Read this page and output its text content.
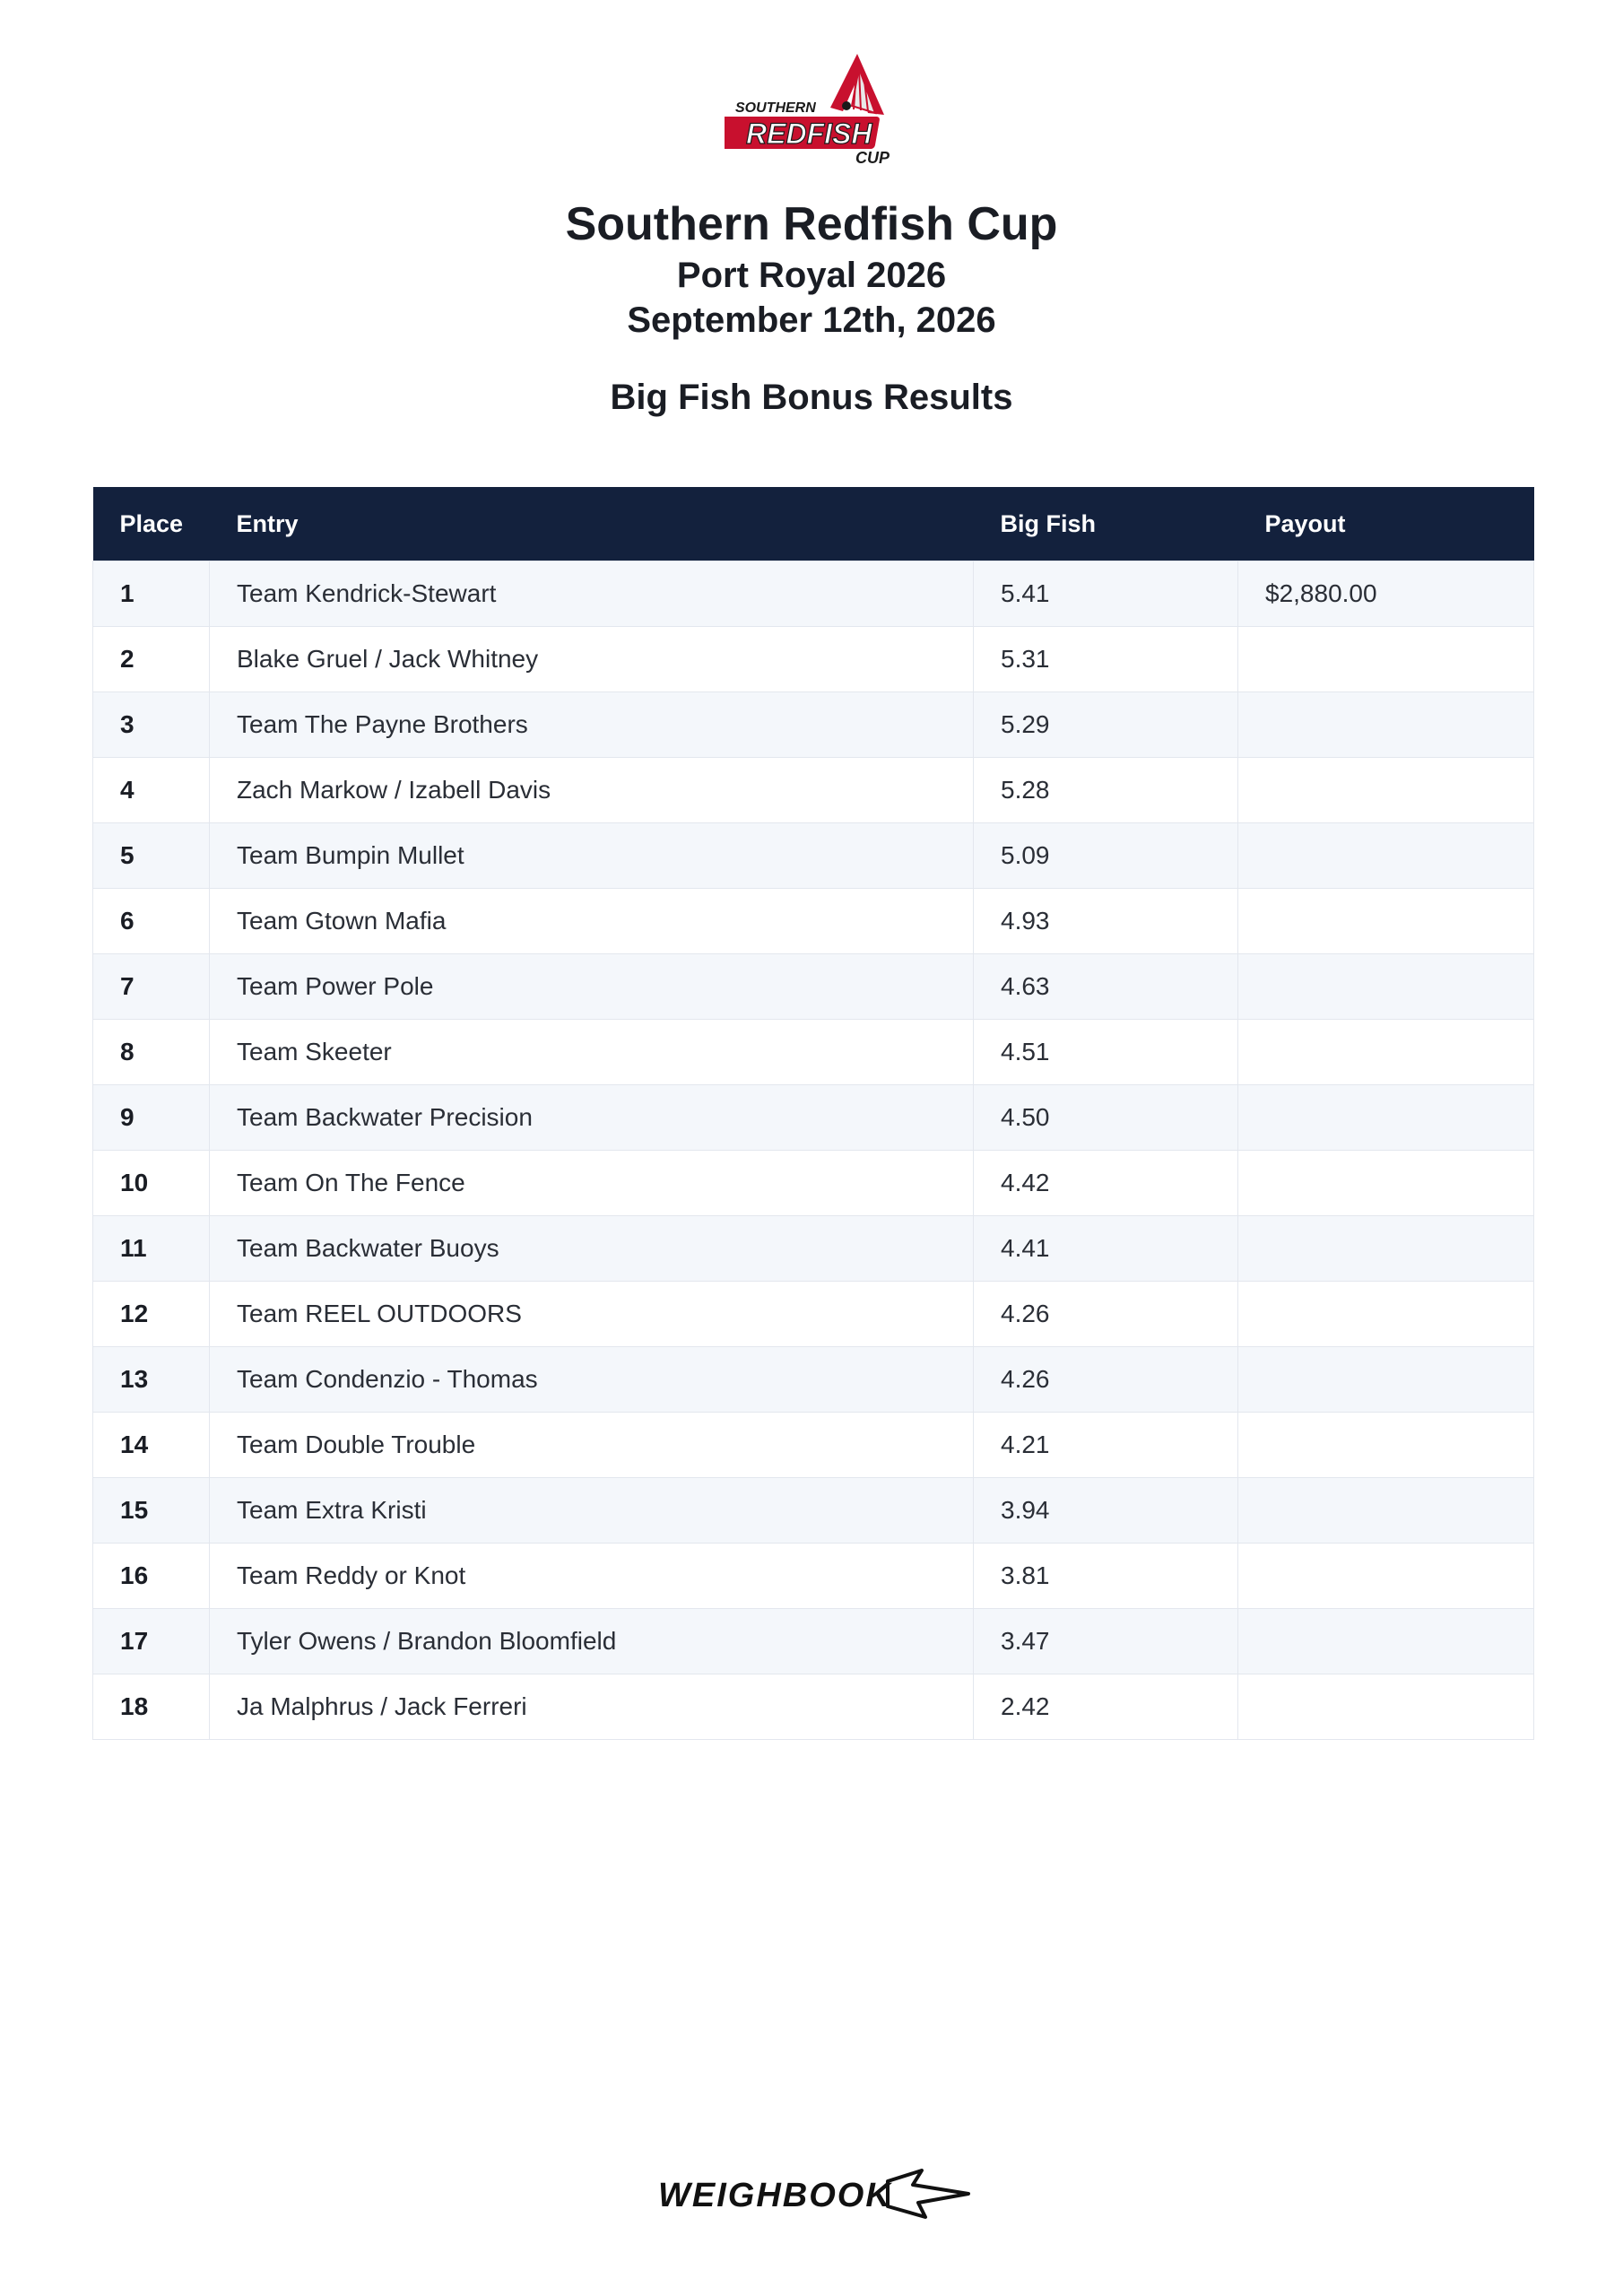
SOUTHERN
REDFISH
CUP
Southern Redfish Cup
Port Royal 2026
September 12th, 2026
Big Fish Bonus Results
Place	Entry	Big Fish	Payout
1	Team Kendrick-Stewart	5.41	$2,880.00
2	Blake Gruel / Jack Whitney	5.31	
3	Team The Payne Brothers	5.29	
4	Zach Markow / Izabell Davis	5.28	
5	Team Bumpin Mullet	5.09	
6	Team Gtown Mafia	4.93	
7	Team Power Pole	4.63	
8	Team Skeeter	4.51	
9	Team Backwater Precision	4.50	
10	Team On The Fence	4.42	
11	Team Backwater Buoys	4.41	
12	Team REEL OUTDOORS	4.26	
13	Team Condenzio - Thomas	4.26	
14	Team Double Trouble	4.21	
15	Team Extra Kristi	3.94	
16	Team Reddy or Knot	3.81	
17	Tyler Owens / Brandon Bloomfield	3.47	
18	Ja Malphrus / Jack Ferreri	2.42	
WEIGHBOOK
